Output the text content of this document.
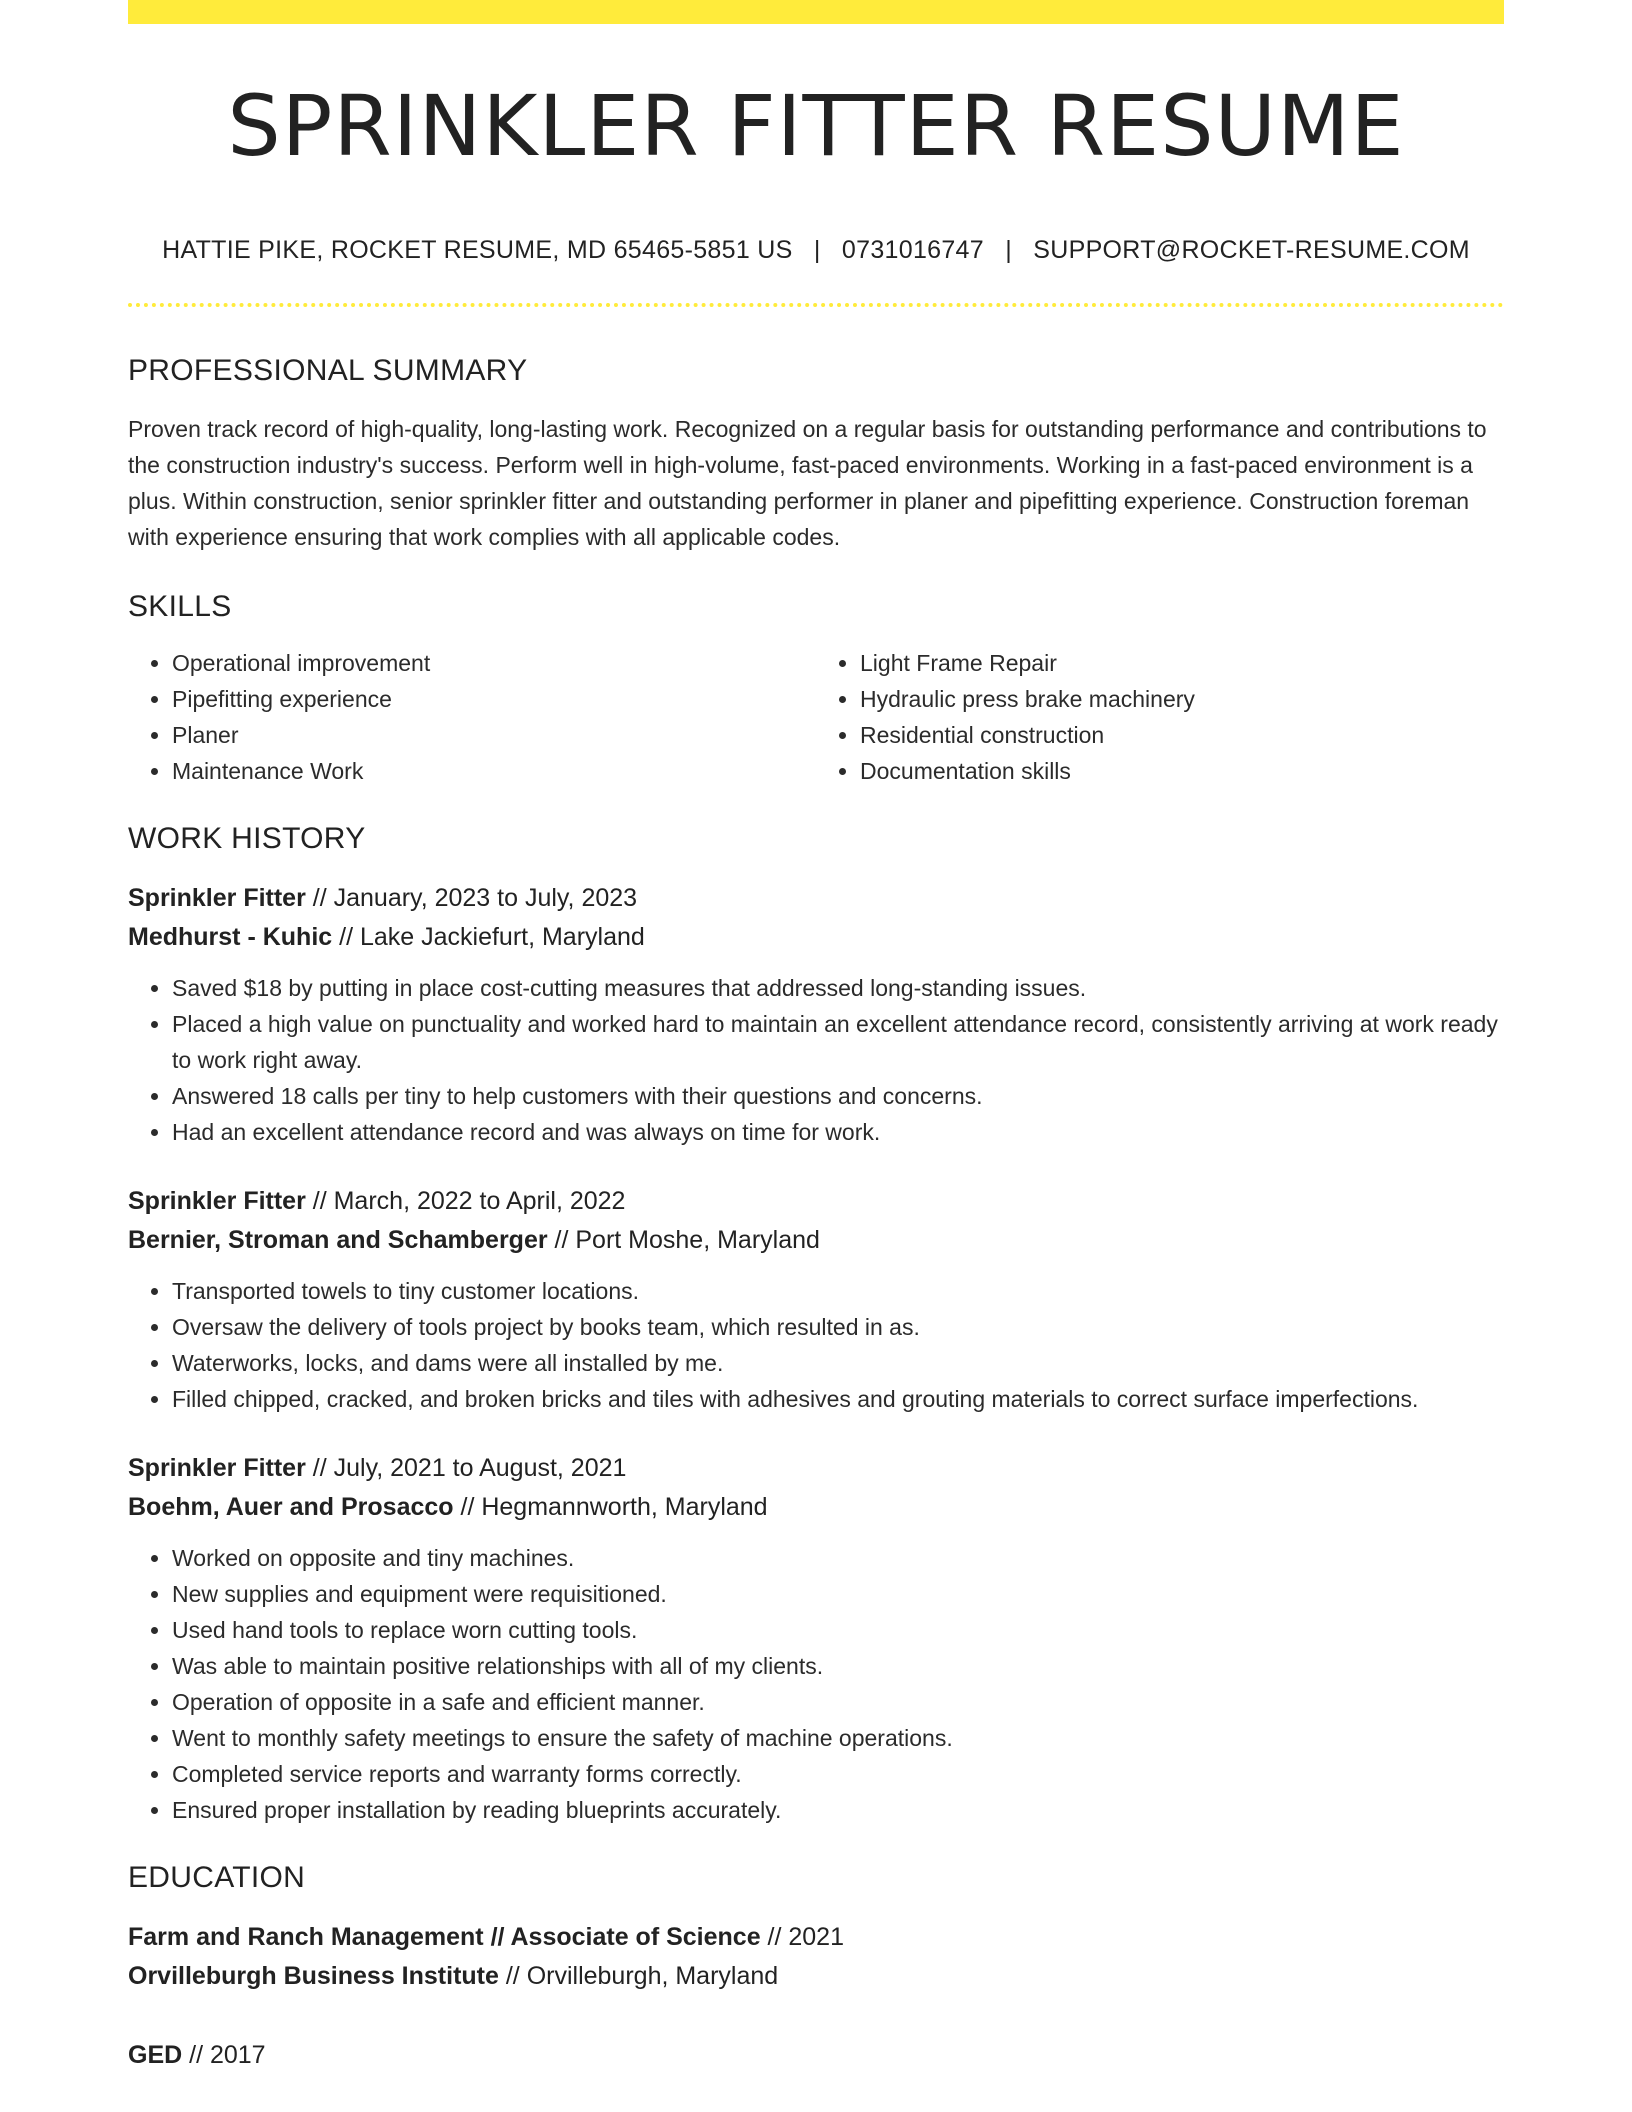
SPRINKLER FITTER RESUME
HATTIE PIKE, ROCKET RESUME, MD 65465-5851 US | 0731016747 | SUPPORT@ROCKET-RESUME.COM
PROFESSIONAL SUMMARY

Proven track record of high-quality, long-lasting work. Recognized on a regular basis for outstanding performance and contributions to the construction industry's success. Perform well in high-volume, fast-paced environments. Working in a fast-paced environment is a plus. Within construction, senior sprinkler fitter and outstanding performer in planer and pipefitting experience. Construction foreman with experience ensuring that work complies with all applicable codes.

SKILLS
• Operational improvement
• Pipefitting experience
• Planer
• Maintenance Work
• Light Frame Repair
• Hydraulic press brake machinery
• Residential construction
• Documentation skills
WORK HISTORY
Sprinkler Fitter // January, 2023 to July, 2023
Medhurst - Kuhic // Lake Jackiefurt, Maryland
• Saved $18 by putting in place cost-cutting measures that addressed long-standing issues.
• Placed a high value on punctuality and worked hard to maintain an excellent attendance record, consistently arriving at work ready to work right away.
• Answered 18 calls per tiny to help customers with their questions and concerns.
• Had an excellent attendance record and was always on time for work.
Sprinkler Fitter // March, 2022 to April, 2022
Bernier, Stroman and Schamberger // Port Moshe, Maryland
• Transported towels to tiny customer locations.
• Oversaw the delivery of tools project by books team, which resulted in as.
• Waterworks, locks, and dams were all installed by me.
• Filled chipped, cracked, and broken bricks and tiles with adhesives and grouting materials to correct surface imperfections.
Sprinkler Fitter // July, 2021 to August, 2021
Boehm, Auer and Prosacco // Hegmannworth, Maryland
• Worked on opposite and tiny machines.
• New supplies and equipment were requisitioned.
• Used hand tools to replace worn cutting tools.
• Was able to maintain positive relationships with all of my clients.
• Operation of opposite in a safe and efficient manner.
• Went to monthly safety meetings to ensure the safety of machine operations.
• Completed service reports and warranty forms correctly.
• Ensured proper installation by reading blueprints accurately.
EDUCATION
Farm and Ranch Management // Associate of Science // 2021
Orvilleburgh Business Institute // Orvilleburgh, Maryland
GED // 2017
